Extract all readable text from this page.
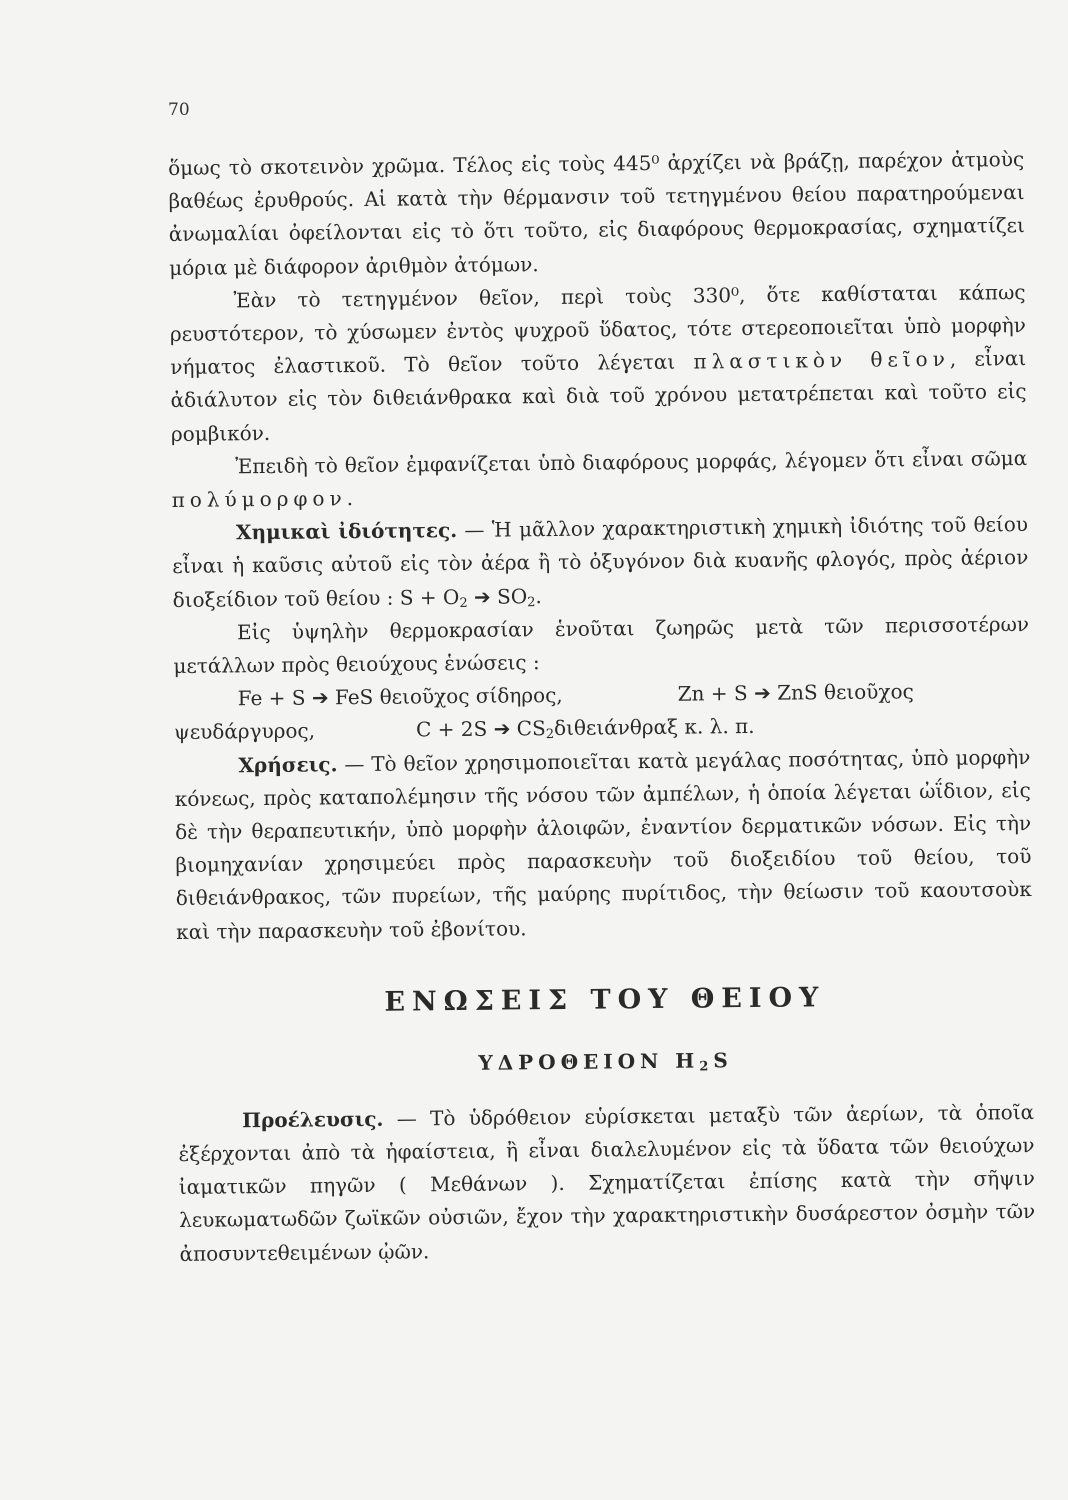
70

ὅμως τὸ σκοτεινὸν χρῶμα. Τέλος εἰς τοὺς 445⁰ ἀρχίζει νὰ βράζῃ, παρέχον ἀτμοὺς βαθέως ἐρυθρούς. Αἱ κατὰ τὴν θέρμανσιν τοῦ τετηγμένου θείου παρατηρούμεναι ἀνωμαλίαι ὀφείλονται εἰς τὸ ὅτι τοῦτο, εἰς διαφόρους θερμοκρασίας, σχηματίζει μόρια μὲ διάφορον ἀριθμὸν ἀτόμων.

Ἐὰν τὸ τετηγμένον θεῖον, περὶ τοὺς 330⁰, ὅτε καθίσταται κάπως ρευστότερον, τὸ χύσωμεν ἐντὸς ψυχροῦ ὕδατος, τότε στερεοποιεῖται ὑπὸ μορφὴν νήματος ἐλαστικοῦ. Τὸ θεῖον τοῦτο λέγεται πλαστικὸν θεῖον, εἶναι ἀδιάλυτον εἰς τὸν διθειάνθρακα καὶ διὰ τοῦ χρόνου μετατρέπεται καὶ τοῦτο εἰς ρομβικόν.

Ἐπειδὴ τὸ θεῖον ἐμφανίζεται ὑπὸ διαφόρους μορφάς, λέγομεν ὅτι εἶναι σῶμα πολύμορφον.

Χημικαὶ ἰδιότητες. — Ἡ μᾶλλον χαρακτηριστικὴ χημικὴ ἰδιότης τοῦ θείου εἶναι ἡ καῦσις αὐτοῦ εἰς τὸν ἀέρα ἢ τὸ ὀξυγόνον διὰ κυανῆς φλογός, πρὸς ἀέριον διοξείδιον τοῦ θείου : $S + O_2$ ➔ $SO_2$.

Εἰς ὑψηλὴν θερμοκρασίαν ἑνοῦται ζωηρῶς μετὰ τῶν περισσοτέρων μετάλλων πρὸς θειούχους ἑνώσεις :

Fe + S ➔ FeS θειοῦχος σίδηρος,	Zn + S ➔ ZnS θειοῦχος
ψευδάργυρος,	C + 2S ➔ $CS_2\delta\iota\theta\varepsilon\iota ά\nu\theta\rho\alpha\xi$ κ. λ. π.

Χρήσεις. — Τὸ θεῖον χρησιμοποιεῖται κατὰ μεγάλας ποσότητας, ὑπὸ μορφὴν κόνεως, πρὸς καταπολέμησιν τῆς νόσου τῶν ἀμπέλων, ἡ ὁποία λέγεται ὠΐδιον, εἰς δὲ τὴν θεραπευτικήν, ὑπὸ μορφὴν ἀλοιφῶν, ἐναντίον δερματικῶν νόσων. Εἰς τὴν βιομηχανίαν χρησιμεύει πρὸς παρασκευὴν τοῦ διοξειδίου τοῦ θείου, τοῦ διθειάνθρακος, τῶν πυρείων, τῆς μαύρης πυρίτιδος, τὴν θείωσιν τοῦ καουτσοὺκ καὶ τὴν παρασκευὴν τοῦ ἐβονίτου.

ΕΝΩΣΕΙΣ ΤΟΥ ΘΕΙΟΥ
ΥΔΡΟΘΕΙΟΝ $H_2S$

Προέλευσις. — Τὸ ὑδρόθειον εὑρίσκεται μεταξὺ τῶν ἀερίων, τὰ ὁποῖα ἐξέρχονται ἀπὸ τὰ ἡφαίστεια, ἢ εἶναι διαλελυμένον εἰς τὰ ὕδατα τῶν θειούχων ἰαματικῶν πηγῶν ( Μεθάνων ). Σχηματίζεται ἐπίσης κατὰ τὴν σῆψιν λευκωματωδῶν ζωϊκῶν οὐσιῶν, ἔχον τὴν χαρακτηριστικὴν δυσάρεστον ὀσμὴν τῶν ἀποσυντεθειμένων ᾠῶν.
